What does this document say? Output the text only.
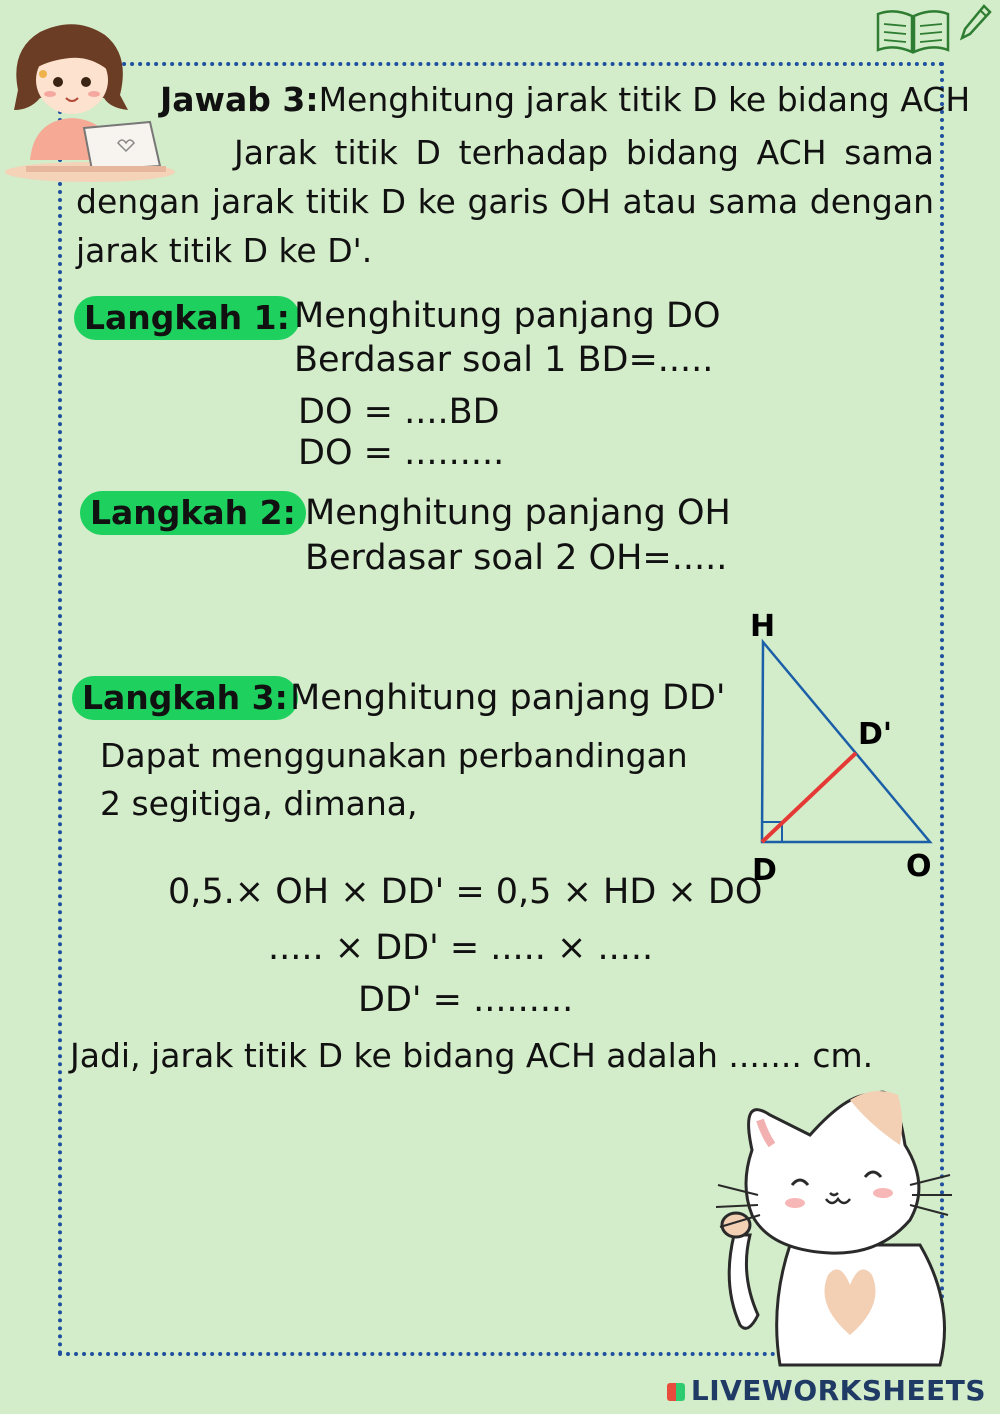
Jawab 3:Menghitung jarak titik D ke bidang ACH
Jarak titik D terhadap bidang ACH sama dengan jarak titik D ke garis OH atau sama dengan jarak titik D ke D'.
Langkah 1: Menghitung panjang DO
Berdasar soal 1 BD=.....
DO = ....BD
DO = .........
Langkah 2: Menghitung panjang OH
Berdasar soal 2 OH=.....
Langkah 3: Menghitung panjang DD'
Dapat menggunakan perbandingan
2 segitiga, dimana,
0,5.× OH × DD' = 0,5 × HD × DO
..... × DD' = ..... × .....
DD' = .........
Jadi, jarak titik D ke bidang ACH adalah ....... cm.
H
D'
D	O
LIVEWORKSHEETS
